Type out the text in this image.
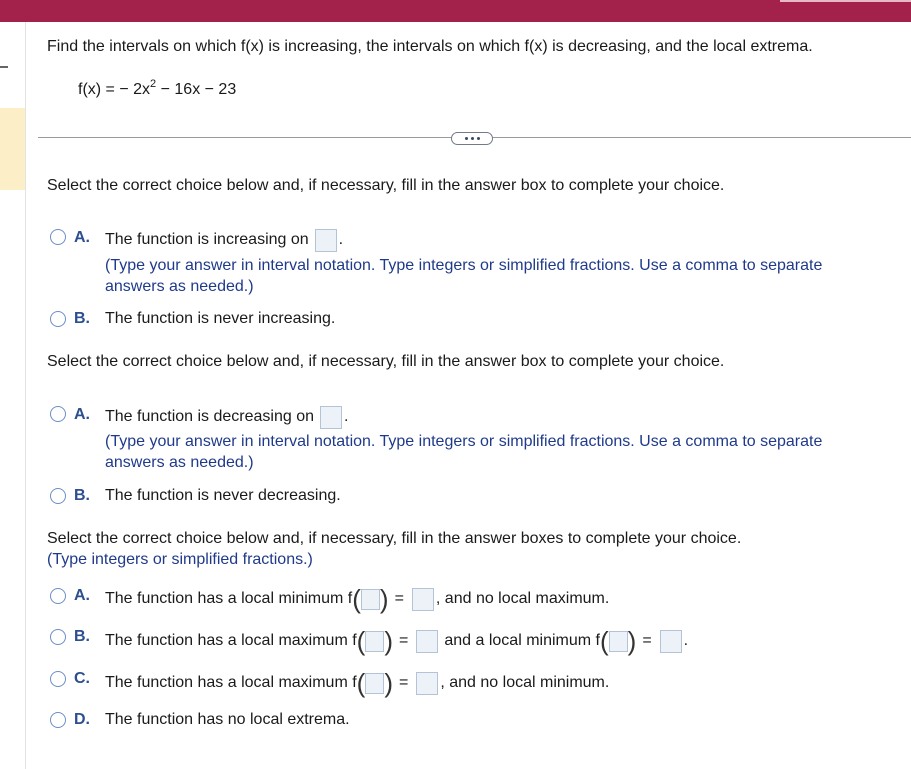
Find the intervals on which f(x) is increasing, the intervals on which f(x) is decreasing, and the local extrema.
f(x) = − $2x^2 - 16x - 23$
Select the correct choice below and, if necessary, fill in the answer box to complete your choice.
A. The function is increasing on .
(Type your answer in interval notation. Type integers or simplified fractions. Use a comma to separate
answers as needed.)
B. The function is never increasing.
Select the correct choice below and, if necessary, fill in the answer box to complete your choice.
A. The function is decreasing on .
(Type your answer in interval notation. Type integers or simplified fractions. Use a comma to separate
answers as needed.)
B. The function is never decreasing.
Select the correct choice below and, if necessary, fill in the answer boxes to complete your choice.
(Type integers or simplified fractions.)
A. The function has a local minimum f ( ) = , and no local maximum.
B. The function has a local maximum f ( ) = and a local minimum f ( ) = .
C. The function has a local maximum f ( ) = , and no local minimum.
D. The function has no local extrema.
